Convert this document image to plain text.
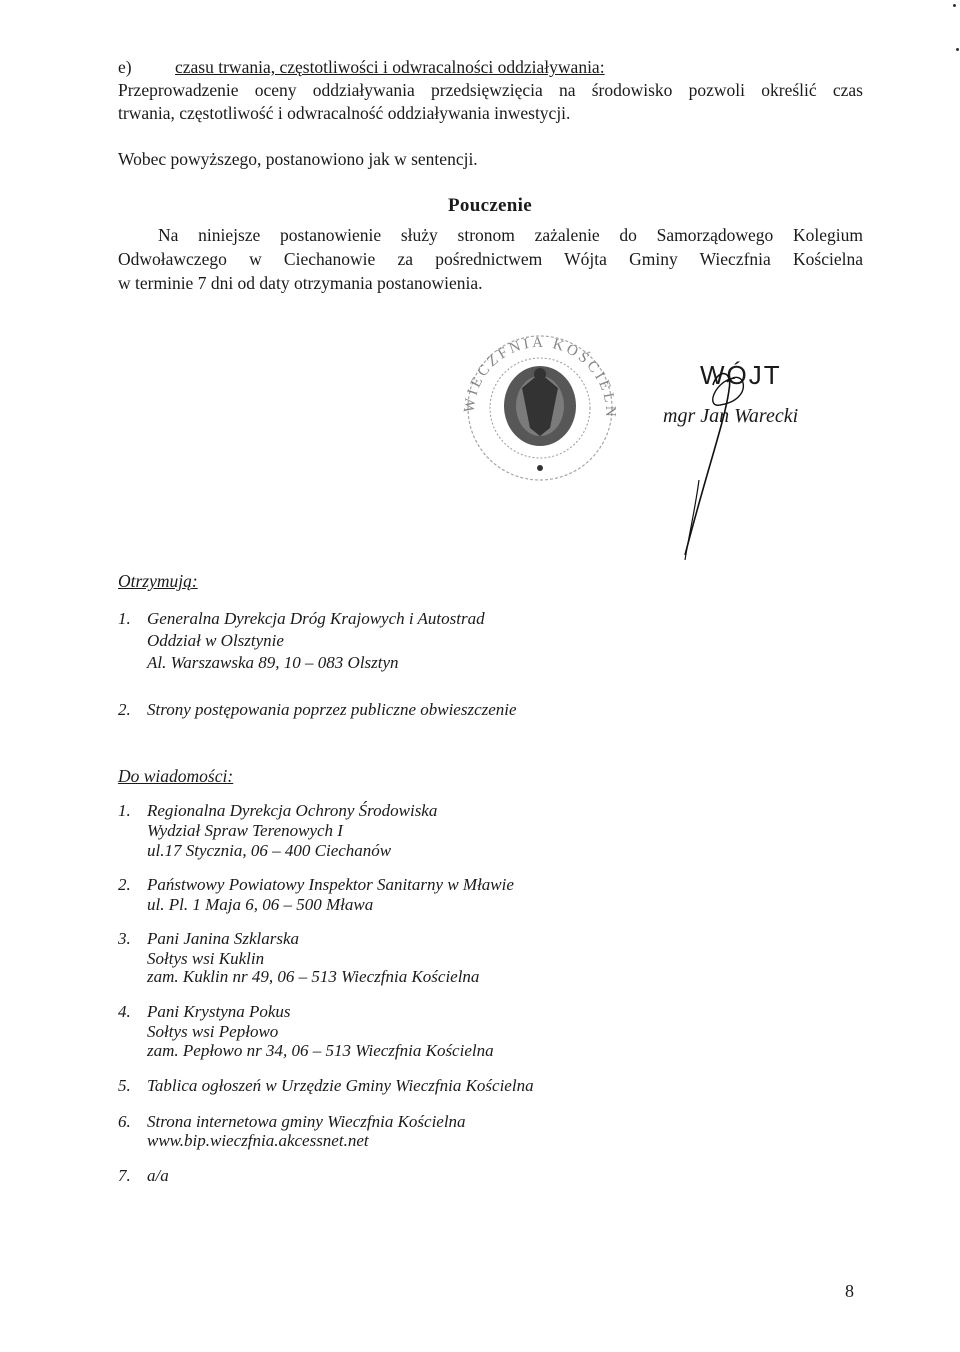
e) czasu trwania, częstotliwości i odwracalności oddziaływania:
Przeprowadzenie oceny oddziaływania przedsięwzięcia na środowisko pozwoli określić czas
trwania, częstotliwość i odwracalność oddziaływania inwestycji.
Wobec powyższego, postanowiono jak w sentencji.
Pouczenie
Na niniejsze postanowienie służy stronom zażalenie do Samorządowego Kolegium
Odwoławczego w Ciechanowie za pośrednictwem Wójta Gminy Wieczfnia Kościelna
w terminie 7 dni od daty otrzymania postanowienia.
WIECZFNIA KOŚCIELN
WÓJT
mgr Jan Warecki
Otrzymują:
1. Generalna Dyrekcja Dróg Krajowych i Autostrad
Oddział w Olsztynie
Al. Warszawska 89, 10 – 083 Olsztyn
2. Strony postępowania poprzez publiczne obwieszczenie
Do wiadomości:
1. Regionalna Dyrekcja Ochrony Środowiska
Wydział Spraw Terenowych I
ul.17 Stycznia, 06 – 400 Ciechanów
2. Państwowy Powiatowy Inspektor Sanitarny w Mławie
ul. Pl. 1 Maja 6, 06 – 500 Mława
3. Pani Janina Szklarska
Sołtys wsi Kuklin
zam. Kuklin nr 49, 06 – 513 Wieczfnia Kościelna
4. Pani Krystyna Pokus
Sołtys wsi Pepłowo
zam. Pepłowo nr 34, 06 – 513 Wieczfnia Kościelna
5. Tablica ogłoszeń w Urzędzie Gminy Wieczfnia Kościelna
6. Strona internetowa gminy Wieczfnia Kościelna
www.bip.wieczfnia.akcessnet.net
7. a/a
8
